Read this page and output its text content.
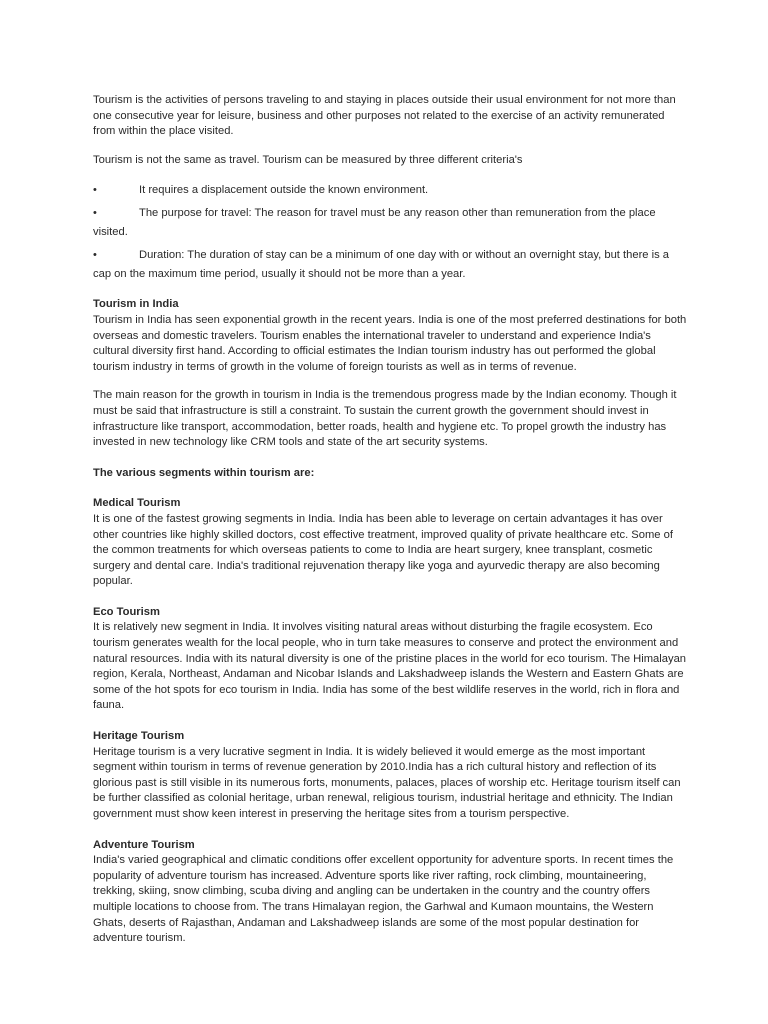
Tourism is the activities of persons traveling to and staying in places outside their usual environment for not more than one consecutive year for leisure, business and other purposes not related to the exercise of an activity remunerated from within the place visited.

Tourism is not the same as travel. Tourism can be measured by three different criteria's

•	It requires a displacement outside the known environment.
•	The purpose for travel: The reason for travel must be any reason other than remuneration from the place visited.
•	Duration: The duration of stay can be a minimum of one day with or without an overnight stay, but there is a cap on the maximum time period, usually it should not be more than a year.

Tourism in India

Tourism in India has seen exponential growth in the recent years. India is one of the most preferred destinations for both overseas and domestic travelers. Tourism enables the international traveler to understand and experience India's cultural diversity first hand. According to official estimates the Indian tourism industry has out performed the global tourism industry in terms of growth in the volume of foreign tourists as well as in terms of revenue.

The main reason for the growth in tourism in India is the tremendous progress made by the Indian economy. Though it must be said that infrastructure is still a constraint. To sustain the current growth the government should invest in infrastructure like transport, accommodation, better roads, health and hygiene etc. To propel growth the industry has invested in new technology like CRM tools and state of the art security systems.

The various segments within tourism are:

Medical Tourism

It is one of the fastest growing segments in India. India has been able to leverage on certain advantages it has over other countries like highly skilled doctors, cost effective treatment, improved quality of private healthcare etc. Some of the common treatments for which overseas patients to come to India are heart surgery, knee transplant, cosmetic surgery and dental care. India's traditional rejuvenation therapy like yoga and ayurvedic therapy are also becoming popular.

Eco Tourism

It is relatively new segment in India. It involves visiting natural areas without disturbing the fragile ecosystem. Eco tourism generates wealth for the local people, who in turn take measures to conserve and protect the environment and natural resources. India with its natural diversity is one of the pristine places in the world for eco tourism. The Himalayan region, Kerala, Northeast, Andaman and Nicobar Islands and Lakshadweep islands the Western and Eastern Ghats are some of the hot spots for eco tourism in India. India has some of the best wildlife reserves in the world, rich in flora and fauna.

Heritage Tourism

Heritage tourism is a very lucrative segment in India. It is widely believed it would emerge as the most important segment within tourism in terms of revenue generation by 2010.India has a rich cultural history and reflection of its glorious past is still visible in its numerous forts, monuments, palaces, places of worship etc. Heritage tourism itself can be further classified as colonial heritage, urban renewal, religious tourism, industrial heritage and ethnicity. The Indian government must show keen interest in preserving the heritage sites from a tourism perspective.

Adventure Tourism

India's varied geographical and climatic conditions offer excellent opportunity for adventure sports. In recent times the popularity of adventure tourism has increased. Adventure sports like river rafting, rock climbing, mountaineering, trekking, skiing, snow climbing, scuba diving and angling can be undertaken in the country and the country offers multiple locations to choose from. The trans Himalayan region, the Garhwal and Kumaon mountains, the Western Ghats, deserts of Rajasthan, Andaman and Lakshadweep islands are some of the most popular destination for adventure tourism.
